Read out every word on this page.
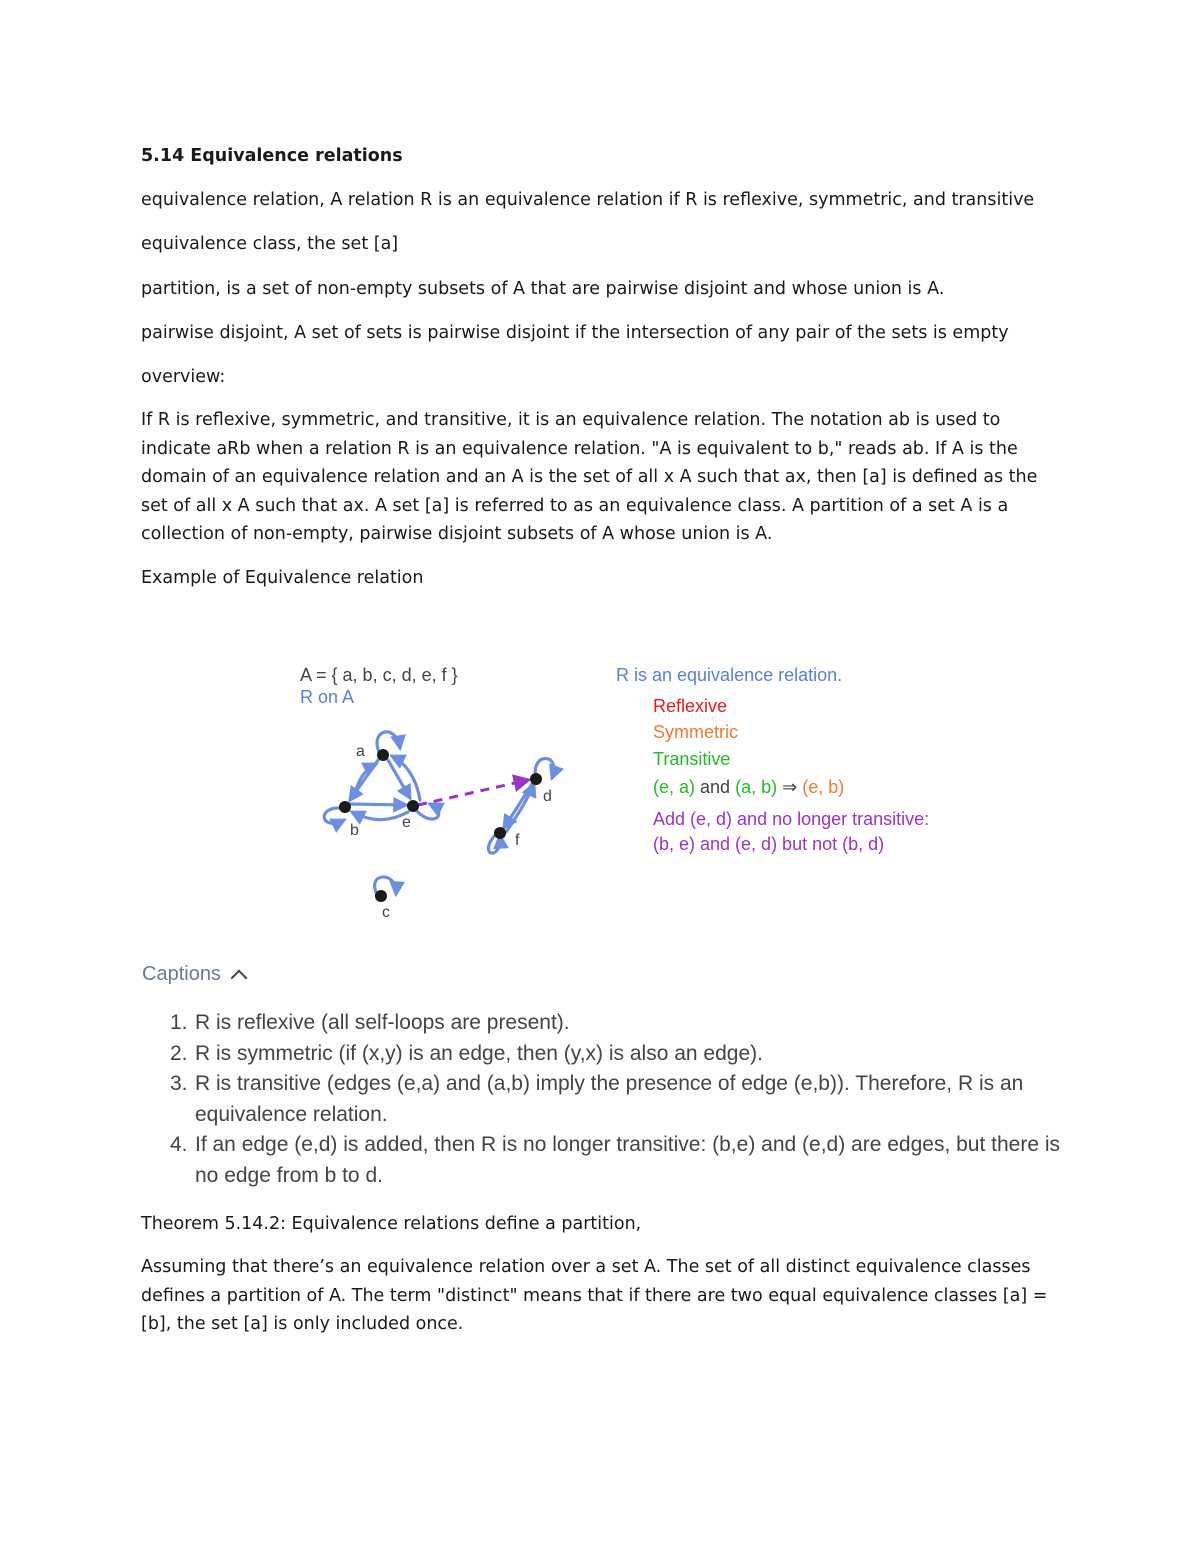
5.14 Equivalence relations

equivalence relation, A relation R is an equivalence relation if R is reflexive, symmetric, and transitive

equivalence class, the set [a]

partition, is a set of non-empty subsets of A that are pairwise disjoint and whose union is A.

pairwise disjoint, A set of sets is pairwise disjoint if the intersection of any pair of the sets is empty

overview:

If R is reflexive, symmetric, and transitive, it is an equivalence relation. The notation ab is used to indicate aRb when a relation R is an equivalence relation. "A is equivalent to b," reads ab. If A is the domain of an equivalence relation and an A is the set of all x A such that ax, then [a] is defined as the set of all x A such that ax. A set [a] is referred to as an equivalence class. A partition of a set A is a collection of non-empty, pairwise disjoint subsets of A whose union is A.

Example of Equivalence relation

A = { a, b, c, d, e, f }
R on A
a
b	e
d
f
c
R is an equivalence relation.
Reflexive
Symmetric
Transitive
(e, a) and (a, b) ⇒ (e, b)
Add (e, d) and no longer transitive:
(b, e) and (e, d) but not (b, d)
Captions
1. R is reflexive (all self-loops are present).
2. R is symmetric (if (x,y) is an edge, then (y,x) is also an edge).
3. R is transitive (edges (e,a) and (a,b) imply the presence of edge (e,b)). Therefore, R is an equivalence relation.
4. If an edge (e,d) is added, then R is no longer transitive: (b,e) and (e,d) are edges, but there is no edge from b to d.

Theorem 5.14.2: Equivalence relations define a partition,

Assuming that there’s an equivalence relation over a set A. The set of all distinct equivalence classes defines a partition of A. The term "distinct" means that if there are two equal equivalence classes [a] = [b], the set [a] is only included once.
